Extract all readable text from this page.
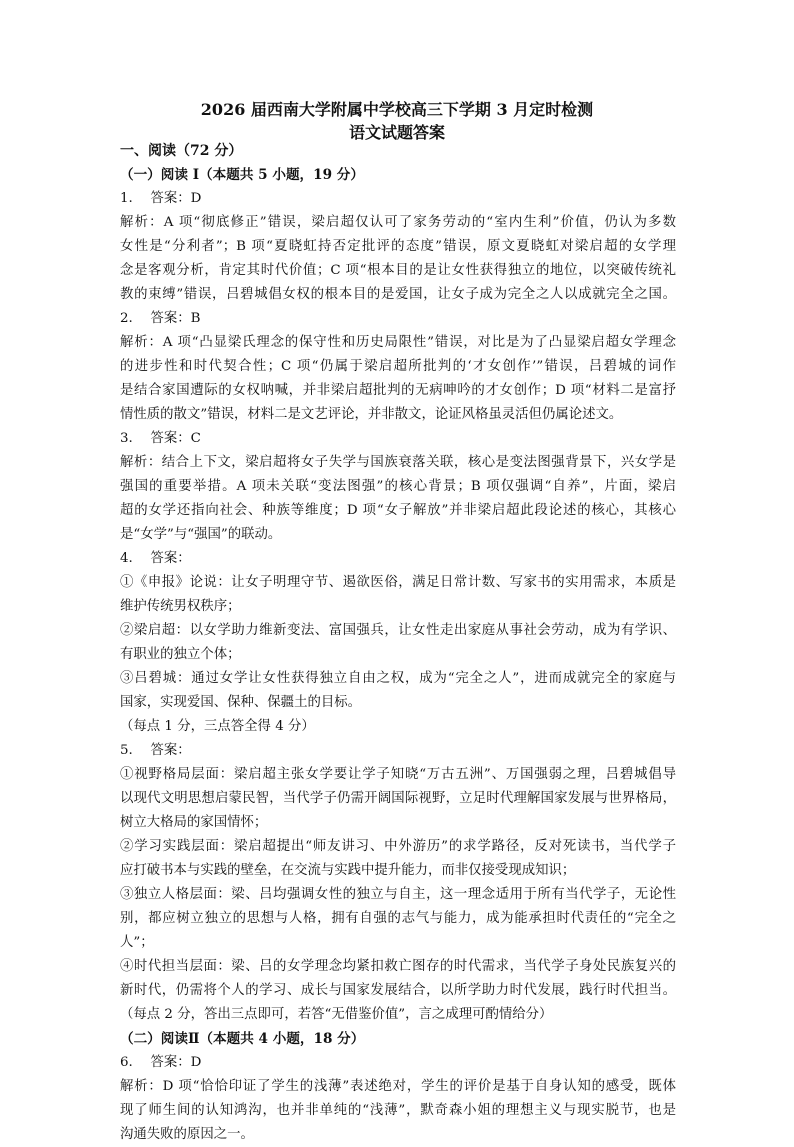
2026 届西南大学附属中学校高三下学期 3 月定时检测
语文试题答案
一、阅读（72 分）
（一）阅读 I（本题共 5 小题，19 分）
1.　 答案：D
解析：A 项“彻底修正”错误，梁启超仅认可了家务劳动的“室内生利”价值，仍认为多数
女性是“分利者”；B 项“夏晓虹持否定批评的态度”错误，原文夏晓虹对梁启超的女学理
念是客观分析，肯定其时代价值；C 项“根本目的是让女性获得独立的地位，以突破传统礼
教的束缚”错误，吕碧城倡女权的根本目的是爱国，让女子成为完全之人以成就完全之国。
2.　 答案：B
解析：A 项“凸显梁氏理念的保守性和历史局限性”错误，对比是为了凸显梁启超女学理念
的进步性和时代契合性；C 项“仍属于梁启超所批判的‘才女创作’”错误，吕碧城的词作
是结合家国遭际的女权呐喊，并非梁启超批判的无病呻吟的才女创作；D 项“材料二是富抒
情性质的散文”错误，材料二是文艺评论，并非散文，论证风格虽灵活但仍属论述文。
3.　 答案：C
解析：结合上下文，梁启超将女子失学与国族衰落关联，核心是变法图强背景下，兴女学是
强国的重要举措。A 项未关联“变法图强”的核心背景；B 项仅强调“自养”，片面，梁启
超的女学还指向社会、种族等维度；D 项“女子解放”并非梁启超此段论述的核心，其核心
是“女学”与“强国”的联动。
4.　 答案：
①《申报》论说：让女子明理守节、遏欲医俗，满足日常计数、写家书的实用需求，本质是
维护传统男权秩序；
②梁启超：以女学助力维新变法、富国强兵，让女性走出家庭从事社会劳动，成为有学识、
有职业的独立个体；
③吕碧城：通过女学让女性获得独立自由之权，成为“完全之人”，进而成就完全的家庭与
国家，实现爱国、保种、保疆土的目标。
（每点 1 分，三点答全得 4 分）
5.　 答案：
①视野格局层面：梁启超主张女学要让学子知晓“万古五洲”、万国强弱之理，吕碧城倡导
以现代文明思想启蒙民智，当代学子仍需开阔国际视野，立足时代理解国家发展与世界格局，
树立大格局的家国情怀；
②学习实践层面：梁启超提出“师友讲习、中外游历”的求学路径，反对死读书，当代学子
应打破书本与实践的壁垒，在交流与实践中提升能力，而非仅接受现成知识；
③独立人格层面：梁、吕均强调女性的独立与自主，这一理念适用于所有当代学子，无论性
别，都应树立独立的思想与人格，拥有自强的志气与能力，成为能承担时代责任的“完全之
人”；
④时代担当层面：梁、吕的女学理念均紧扣救亡图存的时代需求，当代学子身处民族复兴的
新时代，仍需将个人的学习、成长与国家发展结合，以所学助力时代发展，践行时代担当。
（每点 2 分，答出三点即可，若答“无借鉴价值”，言之成理可酌情给分）
（二）阅读Ⅱ（本题共 4 小题，18 分）
6.　 答案：D
解析：D 项“恰恰印证了学生的浅薄”表述绝对，学生的评价是基于自身认知的感受，既体
现了师生间的认知鸿沟，也并非单纯的“浅薄”，默奇森小姐的理想主义与现实脱节，也是
沟通失败的原因之一。
